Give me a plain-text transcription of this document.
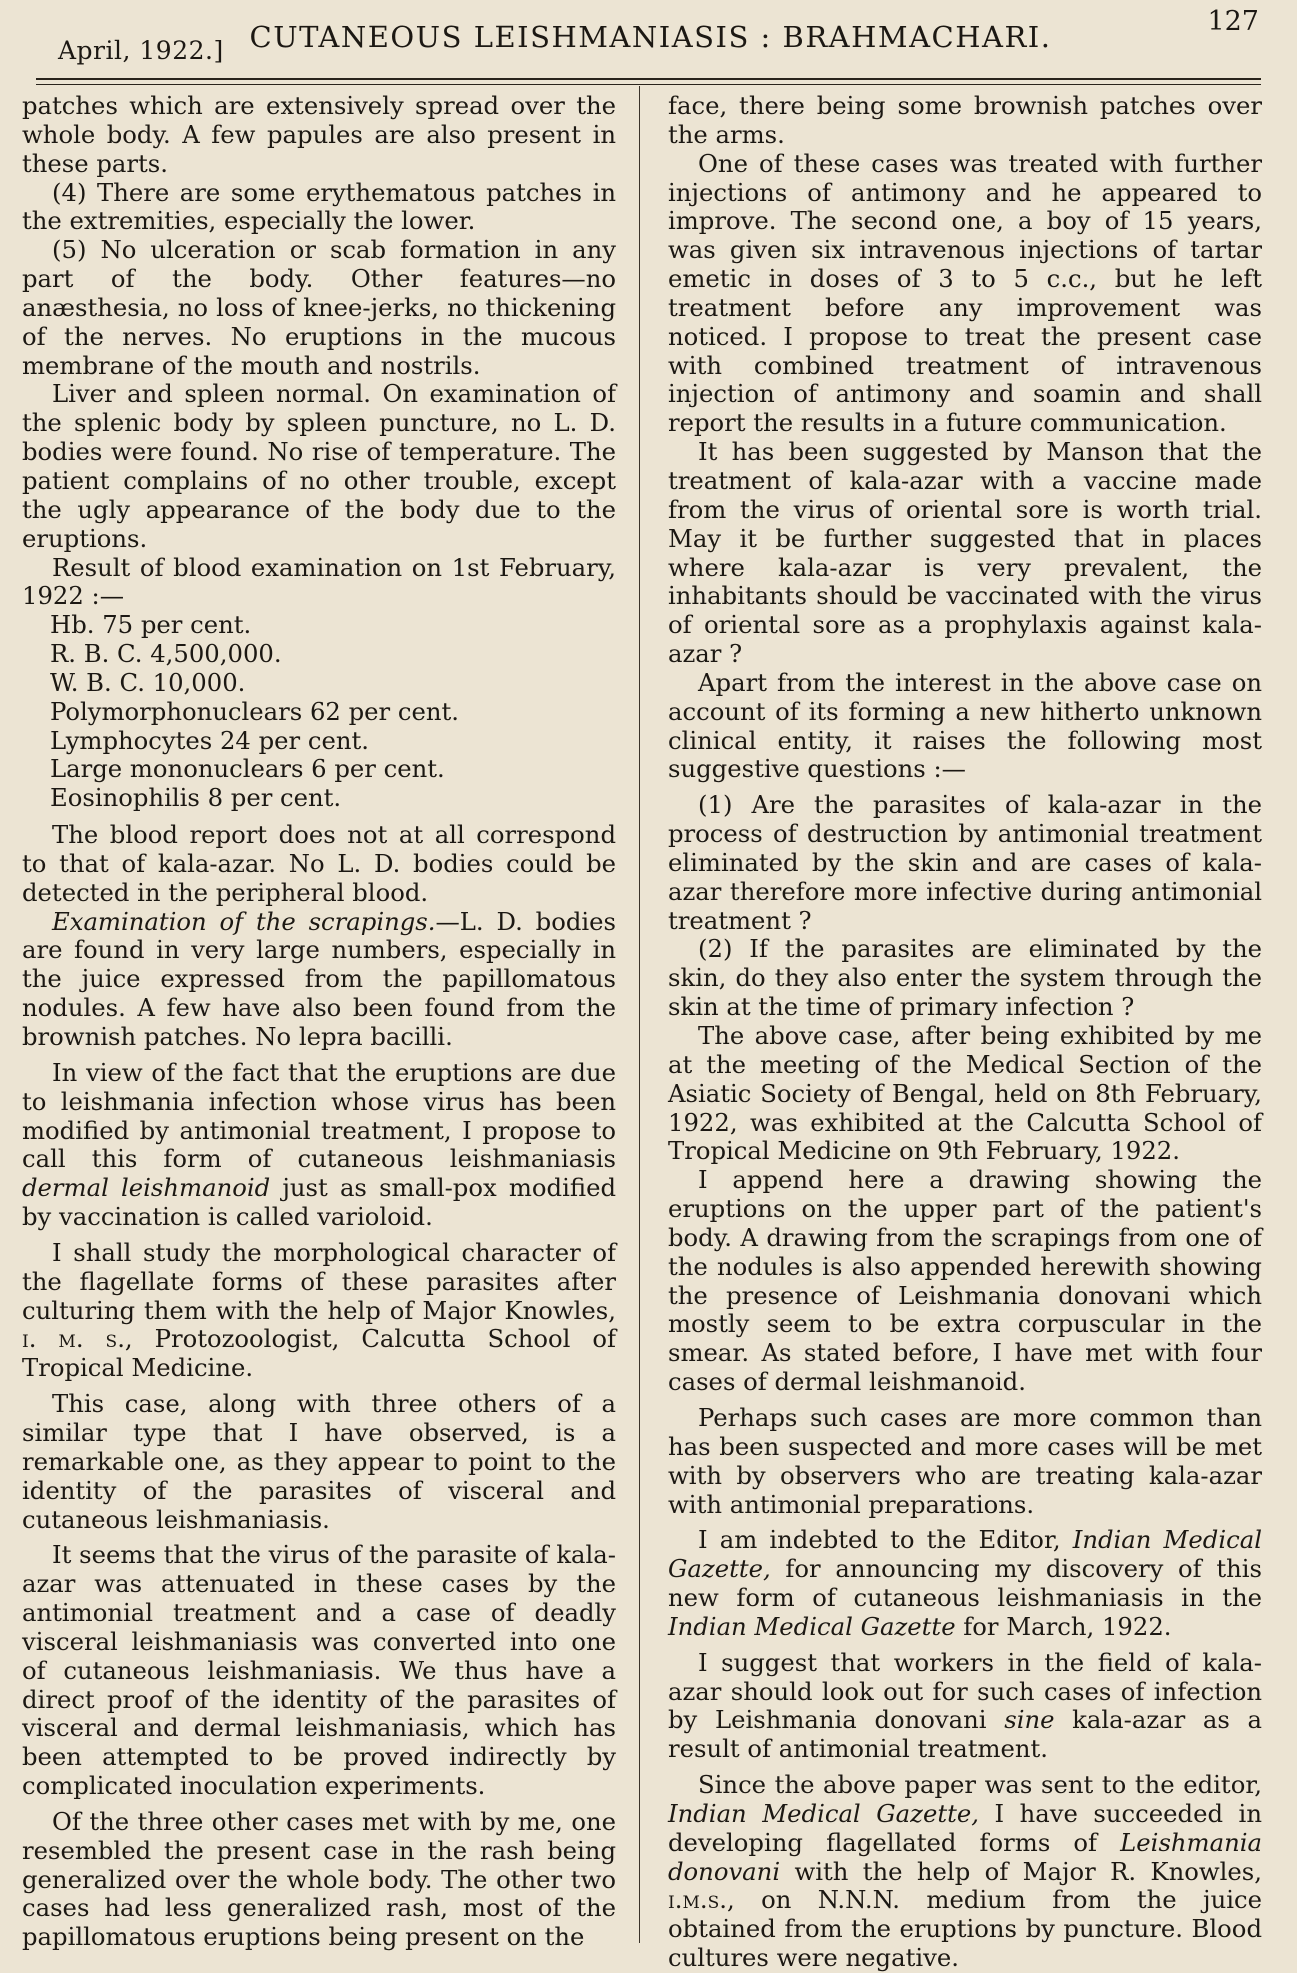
April, 1922.] CUTANEOUS LEISHMANIASIS : BRAHMACHARI.	127

patches which are extensively spread over the whole body. A few papules are also present in these parts.

(4) There are some erythematous patches in the extremities, especially the lower.

(5) No ulceration or scab formation in any part of the body. Other features—no anæsthesia, no loss of knee-jerks, no thickening of the nerves. No eruptions in the mucous membrane of the mouth and nostrils.

Liver and spleen normal. On examination of the splenic body by spleen puncture, no L. D. bodies were found. No rise of temperature. The patient complains of no other trouble, except the ugly appearance of the body due to the eruptions.

Result of blood examination on 1st February, 1922 :—

Hb. 75 per cent.
R. B. C. 4,500,000.
W. B. C. 10,000.
Polymorphonuclears 62 per cent.
Lymphocytes 24 per cent.
Large mononuclears 6 per cent.
Eosinophilis 8 per cent.

The blood report does not at all correspond to that of kala-azar. No L. D. bodies could be detected in the peripheral blood.

Examination of the scrapings.—L. D. bodies are found in very large numbers, especially in the juice expressed from the papillomatous nodules. A few have also been found from the brownish patches. No lepra bacilli.

In view of the fact that the eruptions are due to leishmania infection whose virus has been modified by antimonial treatment, I propose to call this form of cutaneous leishmaniasis dermal leishmanoid just as small-pox modified by vaccination is called varioloid.

I shall study the morphological character of the flagellate forms of these parasites after culturing them with the help of Major Knowles, i. m. s., Protozoologist, Calcutta School of Tropical Medicine.

This case, along with three others of a similar type that I have observed, is a remarkable one, as they appear to point to the identity of the parasites of visceral and cutaneous leishmaniasis.

It seems that the virus of the parasite of kala-azar was attenuated in these cases by the antimonial treatment and a case of deadly visceral leishmaniasis was converted into one of cutaneous leishmaniasis. We thus have a direct proof of the identity of the parasites of visceral and dermal leishmaniasis, which has been attempted to be proved indirectly by complicated inoculation experiments.

Of the three other cases met with by me, one resembled the present case in the rash being generalized over the whole body. The other two cases had less generalized rash, most of the papillomatous eruptions being present on the

face, there being some brownish patches over the arms.

One of these cases was treated with further injections of antimony and he appeared to improve. The second one, a boy of 15 years, was given six intravenous injections of tartar emetic in doses of 3 to 5 c.c., but he left treatment before any improvement was noticed. I propose to treat the present case with combined treatment of intravenous injection of antimony and soamin and shall report the results in a future communication.

It has been suggested by Manson that the treatment of kala-azar with a vaccine made from the virus of oriental sore is worth trial. May it be further suggested that in places where kala-azar is very prevalent, the inhabitants should be vaccinated with the virus of oriental sore as a prophylaxis against kala-azar ?

Apart from the interest in the above case on account of its forming a new hitherto unknown clinical entity, it raises the following most suggestive questions :—

(1) Are the parasites of kala-azar in the process of destruction by antimonial treatment eliminated by the skin and are cases of kala-azar therefore more infective during antimonial treatment ?

(2) If the parasites are eliminated by the skin, do they also enter the system through the skin at the time of primary infection ?

The above case, after being exhibited by me at the meeting of the Medical Section of the Asiatic Society of Bengal, held on 8th February, 1922, was exhibited at the Calcutta School of Tropical Medicine on 9th February, 1922.

I append here a drawing showing the eruptions on the upper part of the patient's body. A drawing from the scrapings from one of the nodules is also appended herewith showing the presence of Leishmania donovani which mostly seem to be extra corpuscular in the smear. As stated before, I have met with four cases of dermal leishmanoid.

Perhaps such cases are more common than has been suspected and more cases will be met with by observers who are treating kala-azar with antimonial preparations.

I am indebted to the Editor, Indian Medical Gazette, for announcing my discovery of this new form of cutaneous leishmaniasis in the Indian Medical Gazette for March, 1922.

I suggest that workers in the field of kala-azar should look out for such cases of infection by Leishmania donovani sine kala-azar as a result of antimonial treatment.

Since the above paper was sent to the editor, Indian Medical Gazette, I have succeeded in developing flagellated forms of Leishmania donovani with the help of Major R. Knowles, i.m.s., on N.N.N. medium from the juice obtained from the eruptions by puncture. Blood cultures were negative.
